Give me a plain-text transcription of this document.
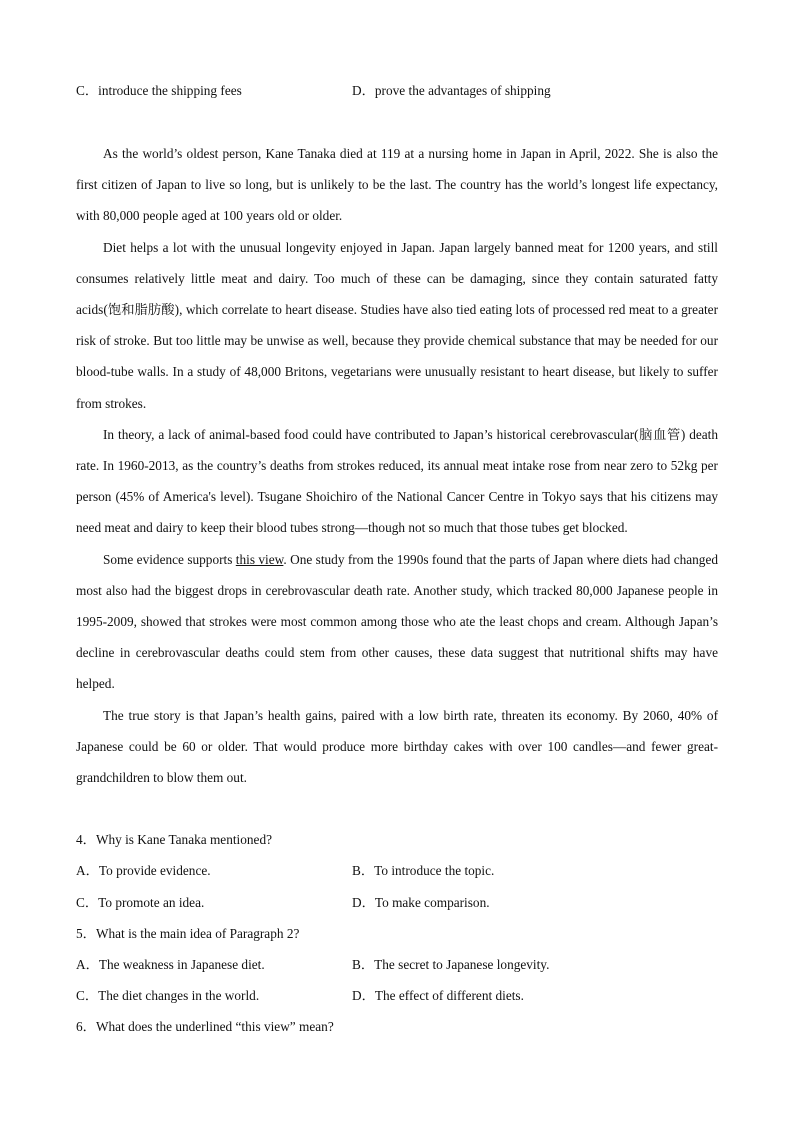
C．introduce the shipping fees	D．prove the advantages of shipping

As the world’s oldest person, Kane Tanaka died at 119 at a nursing home in Japan in April, 2022. She is also the first citizen of Japan to live so long, but is unlikely to be the last. The country has the world’s longest life expectancy, with 80,000 people aged at 100 years old or older.

Diet helps a lot with the unusual longevity enjoyed in Japan. Japan largely banned meat for 1200 years, and still consumes relatively little meat and dairy. Too much of these can be damaging, since they contain saturated fatty acids(饱和脂肪酸), which correlate to heart disease. Studies have also tied eating lots of processed red meat to a greater risk of stroke. But too little may be unwise as well, because they provide chemical substance that may be needed for our blood-tube walls. In a study of 48,000 Britons, vegetarians were unusually resistant to heart disease, but likely to suffer from strokes.

In theory, a lack of animal-based food could have contributed to Japan’s historical cerebrovascular(脑血管) death rate. In 1960-2013, as the country’s deaths from strokes reduced, its annual meat intake rose from near zero to 52kg per person (45% of America's level). Tsugane Shoichiro of the National Cancer Centre in Tokyo says that his citizens may need meat and dairy to keep their blood tubes strong—though not so much that those tubes get blocked.

Some evidence supports this view. One study from the 1990s found that the parts of Japan where diets had changed most also had the biggest drops in cerebrovascular death rate. Another study, which tracked 80,000 Japanese people in 1995-2009, showed that strokes were most common among those who ate the least chops and cream. Although Japan’s decline in cerebrovascular deaths could stem from other causes, these data suggest that nutritional shifts may have helped.

The true story is that Japan’s health gains, paired with a low birth rate, threaten its economy. By 2060, 40% of Japanese could be 60 or older. That would produce more birthday cakes with over 100 candles—and fewer great-grandchildren to blow them out.

4．Why is Kane Tanaka mentioned?
A．To provide evidence.	B．To introduce the topic.
C．To promote an idea.	D．To make comparison.
5．What is the main idea of Paragraph 2?
A．The weakness in Japanese diet.	B．The secret to Japanese longevity.
C．The diet changes in the world.	D．The effect of different diets.
6．What does the underlined “this view” mean?
